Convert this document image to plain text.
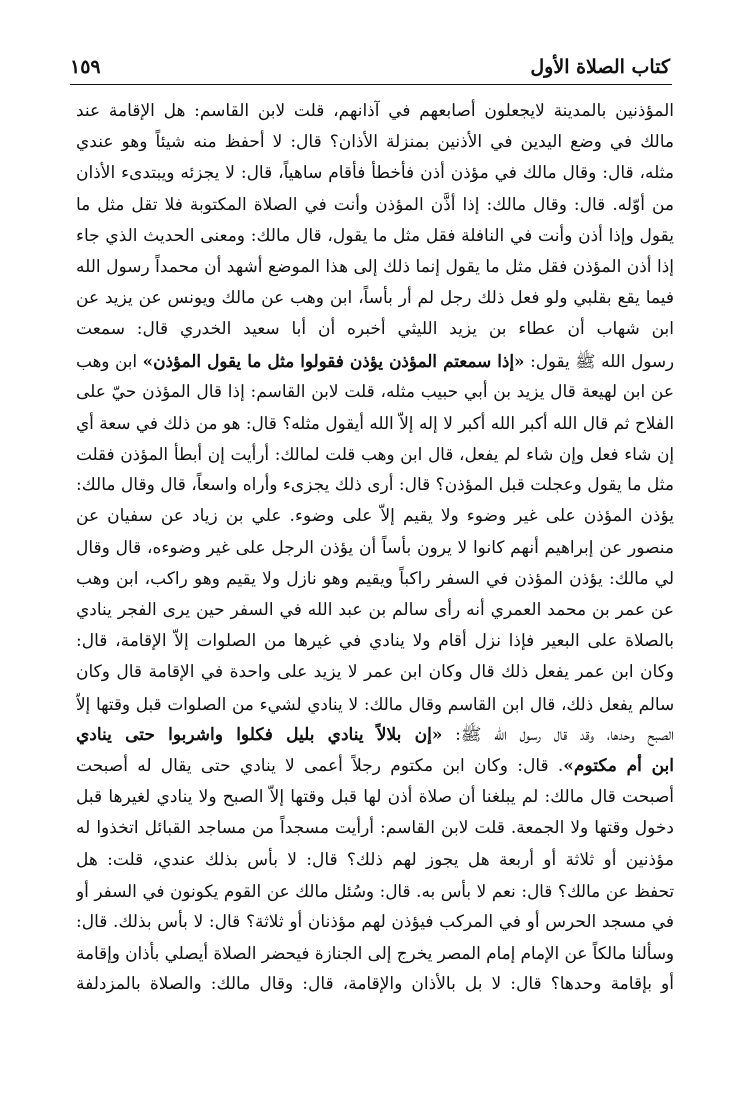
كتاب الصلاة الأول
١٥٩
المؤذنين بالمدينة لايجعلون أصابعهم في آذانهم، قلت لابن القاسم: هل الإقامة عند
مالك في وضع اليدين في الأذنين بمنزلة الأذان؟ قال: لا أحفظ منه شيئاً وهو عندي
مثله، قال: وقال مالك في مؤذن أذن فأخطأ فأقام ساهياً، قال: لا يجزئه ويبتدىء الأذان
من أوّله. قال: وقال مالك: إذا أذَّن المؤذن وأنت في الصلاة المكتوبة فلا تقل مثل ما
يقول وإذا أذن وأنت في النافلة فقل مثل ما يقول، قال مالك: ومعنى الحديث الذي جاء
إذا أذن المؤذن فقل مثل ما يقول إنما ذلك إلى هذا الموضع أشهد أن محمداً رسول الله
فيما يقع بقلبي ولو فعل ذلك رجل لم أر بأساً، ابن وهب عن مالك ويونس عن يزيد عن
ابن شهاب أن عطاء بن يزيد الليثي أخبره أن أبا سعيد الخدري قال: سمعت
رسول الله ﷺ يقول: «إذا سمعتم المؤذن يؤذن فقولوا مثل ما يقول المؤذن» ابن وهب
عن ابن لهيعة قال يزيد بن أبي حبيب مثله، قلت لابن القاسم: إذا قال المؤذن حيّ على
الفلاح ثم قال الله أكبر الله أكبر لا إله إلاّ الله أيقول مثله؟ قال: هو من ذلك في سعة أي
إن شاء فعل وإن شاء لم يفعل، قال ابن وهب قلت لمالك: أرأيت إن أبطأ المؤذن فقلت
مثل ما يقول وعجلت قبل المؤذن؟ قال: أرى ذلك يجزىء وأراه واسعاً، قال وقال مالك:
يؤذن المؤذن على غير وضوء ولا يقيم إلاّ على وضوء. علي بن زياد عن سفيان عن
منصور عن إبراهيم أنهم كانوا لا يرون بأساً أن يؤذن الرجل على غير وضوءه، قال وقال
لي مالك: يؤذن المؤذن في السفر راكباً ويقيم وهو نازل ولا يقيم وهو راكب، ابن وهب
عن عمر بن محمد العمري أنه رأى سالم بن عبد الله في السفر حين يرى الفجر ينادي
بالصلاة على البعير فإذا نزل أقام ولا ينادي في غيرها من الصلوات إلاّ الإقامة، قال:
وكان ابن عمر يفعل ذلك قال وكان ابن عمر لا يزيد على واحدة في الإقامة قال وكان
سالم يفعل ذلك، قال ابن القاسم وقال مالك: لا ينادي لشيء من الصلوات قبل وقتها إلاّ
الصبح وحدها، وقد قال رسول الله ﷺ: «إن بلالاً ينادي بليل فكلوا واشربوا حتى ينادي
ابن أم مكتوم». قال: وكان ابن مكتوم رجلاً أعمى لا ينادي حتى يقال له أصبحت
أصبحت قال مالك: لم يبلغنا أن صلاة أذن لها قبل وقتها إلاّ الصبح ولا ينادي لغيرها قبل
دخول وقتها ولا الجمعة. قلت لابن القاسم: أرأيت مسجداً من مساجد القبائل اتخذوا له
مؤذنين أو ثلاثة أو أربعة هل يجوز لهم ذلك؟ قال: لا بأس بذلك عندي، قلت: هل
تحفظ عن مالك؟ قال: نعم لا بأس به. قال: وسُئل مالك عن القوم يكونون في السفر أو
في مسجد الحرس أو في المركب فيؤذن لهم مؤذنان أو ثلاثة؟ قال: لا بأس بذلك. قال:
وسألنا مالكاً عن الإمام إمام المصر يخرج إلى الجنازة فيحضر الصلاة أيصلي بأذان وإقامة
أو بإقامة وحدها؟ قال: لا بل بالأذان والإقامة، قال: وقال مالك: والصلاة بالمزدلفة
